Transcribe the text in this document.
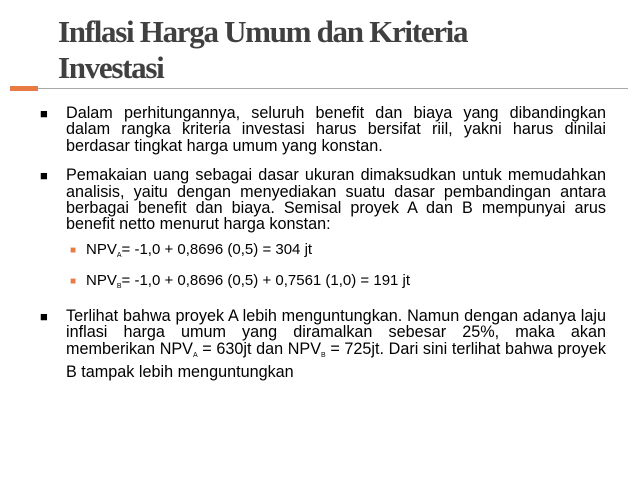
Inflasi Harga Umum dan Kriteria
Investasi
■ Dalam perhitungannya, seluruh benefit dan biaya yang dibandingkan dalam rangka kriteria investasi harus bersifat riil, yakni harus dinilai berdasar tingkat harga umum yang konstan.
■ Pemakaian uang sebagai dasar ukuran dimaksudkan untuk memudahkan analisis, yaitu dengan menyediakan suatu dasar pembandingan antara berbagai benefit dan biaya. Semisal proyek A dan B mempunyai arus benefit netto menurut harga konstan:
■ $NPV_A= -1,0 + 0,8696$ (0,5) = 304 jt
■ $NPV_B= -1,0 + 0,8696$ (0,5) + 0,7561 (1,0) = 191 jt
■ Terlihat bahwa proyek A lebih menguntungkan. Namun dengan adanya laju inflasi harga umum yang diramalkan sebesar 25%, maka akan memberikan $NPV_A = 630jt$ dan $NPV_B = 725jt$. Dari sini terlihat bahwa proyek B tampak lebih menguntungkan
